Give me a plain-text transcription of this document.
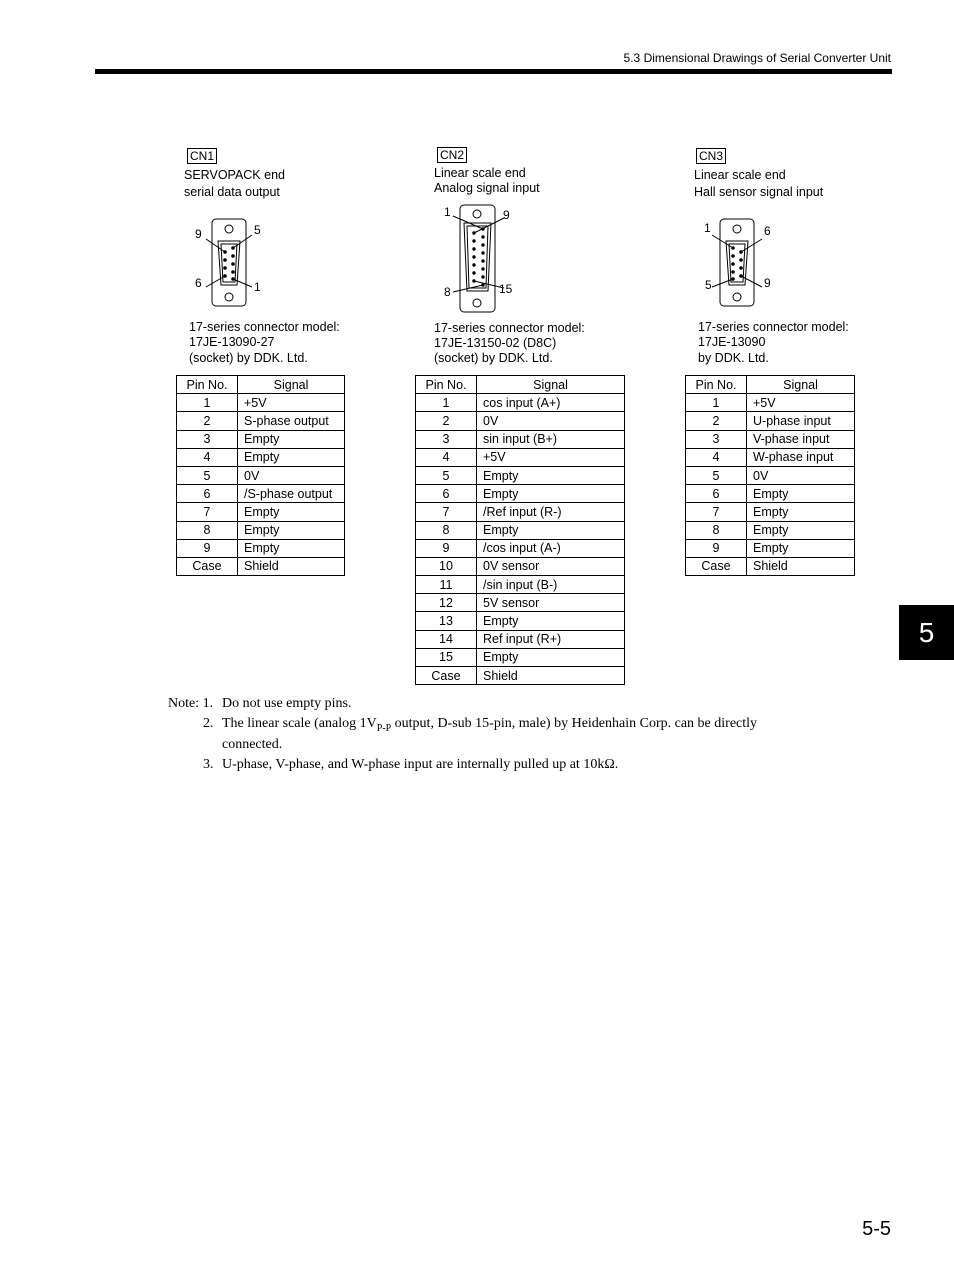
5.3 Dimensional Drawings of Serial Converter Unit
5
CN1
SERVOPACK end
serial data output
9	5
6	1
17-series connector model:
17JE-13090-27
(socket) by DDK. Ltd.
Pin No.	Signal
1	+5V
2	S-phase output
3	Empty
4	Empty
5	0V
6	/S-phase output
7	Empty
8	Empty
9	Empty
Case	Shield
CN2
Linear scale end
Analog signal input
1	9
8	15
17-series connector model:
17JE-13150-02 (D8C)
(socket) by DDK. Ltd.
Pin No.	Signal
1	cos input (A+)
2	0V
3	sin input (B+)
4	+5V
5	Empty
6	Empty
7	/Ref input (R-)
8	Empty
9	/cos input (A-)
10	0V sensor
11	/sin input (B-)
12	5V sensor
13	Empty
14	Ref input (R+)
15	Empty
Case	Shield
CN3
Linear scale end
Hall sensor signal input
1	6
5	9
17-series connector model:
17JE-13090
by DDK. Ltd.
Pin No.	Signal
1	+5V
2	U-phase input
3	V-phase input
4	W-phase input
5	0V
6	Empty
7	Empty
8	Empty
9	Empty
Case	Shield
Note: 1. Do not use empty pins.
2. The linear scale (analog $1V_{P-P}$ output, D-sub 15-pin, male) by Heidenhain Corp. can be directly
connected.
3. U-phase, V-phase, and W-phase input are internally pulled up at 10kΩ.
5-5
